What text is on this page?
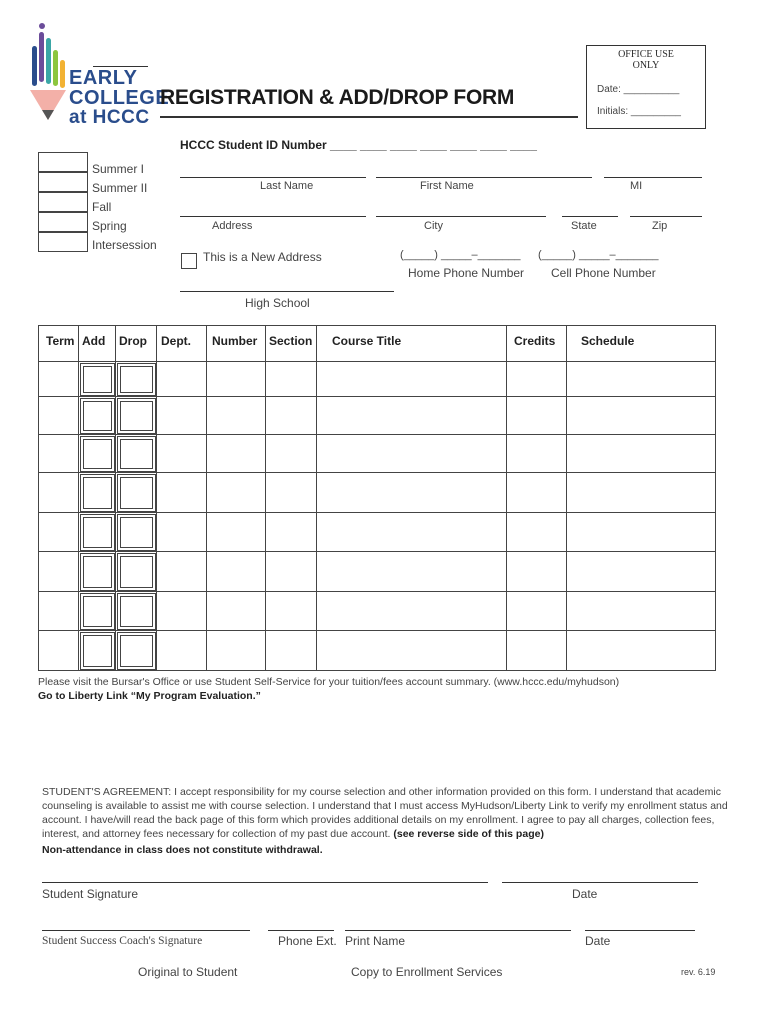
EARLY
COLLEGE
at HCCC
OFFICE USE ONLY
Date: __________
Initials: _________
REGISTRATION & ADD/DROP FORM
HCCC Student ID Number ____ ____ ____ ____ ____ ____ ____
Summer I
Summer II
Fall
Spring
Intersession
Last Name	First Name	MI
Address	City	State	Zip
This is a New Address	(_____) _____–_______ (_____) _____–_______
Home Phone Number Cell Phone Number
High School
Term Add Drop Dept. Number Section Course Title	Credits Schedule
Please visit the Bursar's Office or use Student Self-Service for your tuition/fees account summary. (www.hccc.edu/myhudson)
Go to Liberty Link “My Program Evaluation.”
STUDENT'S AGREEMENT: I accept responsibility for my course selection and other information provided on this form. I understand that academic
counseling is available to assist me with course selection. I understand that I must access MyHudson/Liberty Link to verify my enrollment status and
account. I have/will read the back page of this form which provides additional details on my enrollment. I agree to pay all charges, collection fees,
interest, and attorney fees necessary for collection of my past due account. (see reverse side of this page)
Non-attendance in class does not constitute withdrawal.
Student Signature	Date
Student Success Coach's Signature	Phone Ext. Print Name	Date
Original to Student	Copy to Enrollment Services	rev. 6.19
